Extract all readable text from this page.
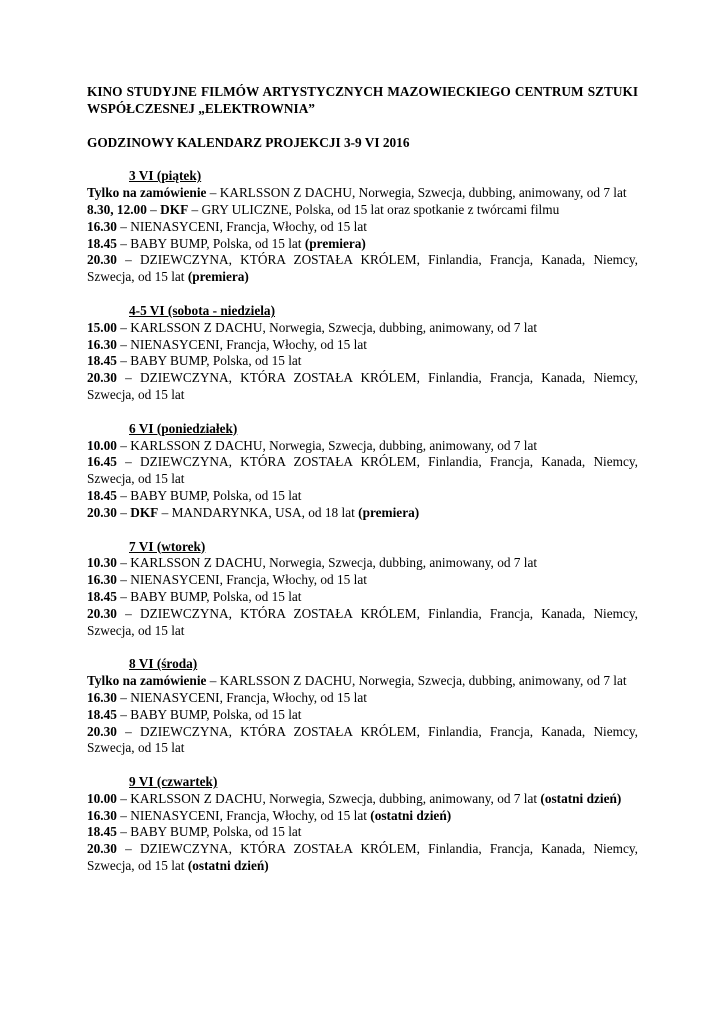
KINO STUDYJNE FILMÓW ARTYSTYCZNYCH MAZOWIECKIEGO CENTRUM SZTUKI WSPÓŁCZESNEJ „ELEKTROWNIA”

GODZINOWY KALENDARZ PROJEKCJI 3-9 VI 2016

3 VI (piątek)
Tylko na zamówienie – KARLSSON Z DACHU, Norwegia, Szwecja, dubbing, animowany, od 7 lat
8.30, 12.00 – DKF – GRY ULICZNE, Polska, od 15 lat oraz spotkanie z twórcami filmu
16.30 – NIENASYCENI, Francja, Włochy, od 15 lat
18.45 – BABY BUMP, Polska, od 15 lat (premiera)
20.30 – DZIEWCZYNA, KTÓRA ZOSTAŁA KRÓLEM, Finlandia, Francja, Kanada, Niemcy, Szwecja, od 15 lat (premiera)
4-5 VI (sobota - niedziela)
15.00 – KARLSSON Z DACHU, Norwegia, Szwecja, dubbing, animowany, od 7 lat
16.30 – NIENASYCENI, Francja, Włochy, od 15 lat
18.45 – BABY BUMP, Polska, od 15 lat
20.30 – DZIEWCZYNA, KTÓRA ZOSTAŁA KRÓLEM, Finlandia, Francja, Kanada, Niemcy, Szwecja, od 15 lat
6 VI (poniedziałek)
10.00 – KARLSSON Z DACHU, Norwegia, Szwecja, dubbing, animowany, od 7 lat
16.45 – DZIEWCZYNA, KTÓRA ZOSTAŁA KRÓLEM, Finlandia, Francja, Kanada, Niemcy, Szwecja, od 15 lat
18.45 – BABY BUMP, Polska, od 15 lat
20.30 – DKF – MANDARYNKA, USA, od 18 lat (premiera)
7 VI (wtorek)
10.30 – KARLSSON Z DACHU, Norwegia, Szwecja, dubbing, animowany, od 7 lat
16.30 – NIENASYCENI, Francja, Włochy, od 15 lat
18.45 – BABY BUMP, Polska, od 15 lat
20.30 – DZIEWCZYNA, KTÓRA ZOSTAŁA KRÓLEM, Finlandia, Francja, Kanada, Niemcy, Szwecja, od 15 lat
8 VI (środa)
Tylko na zamówienie – KARLSSON Z DACHU, Norwegia, Szwecja, dubbing, animowany, od 7 lat
16.30 – NIENASYCENI, Francja, Włochy, od 15 lat
18.45 – BABY BUMP, Polska, od 15 lat
20.30 – DZIEWCZYNA, KTÓRA ZOSTAŁA KRÓLEM, Finlandia, Francja, Kanada, Niemcy, Szwecja, od 15 lat
9 VI (czwartek)
10.00 – KARLSSON Z DACHU, Norwegia, Szwecja, dubbing, animowany, od 7 lat (ostatni dzień)
16.30 – NIENASYCENI, Francja, Włochy, od 15 lat (ostatni dzień)
18.45 – BABY BUMP, Polska, od 15 lat
20.30 – DZIEWCZYNA, KTÓRA ZOSTAŁA KRÓLEM, Finlandia, Francja, Kanada, Niemcy, Szwecja, od 15 lat (ostatni dzień)
